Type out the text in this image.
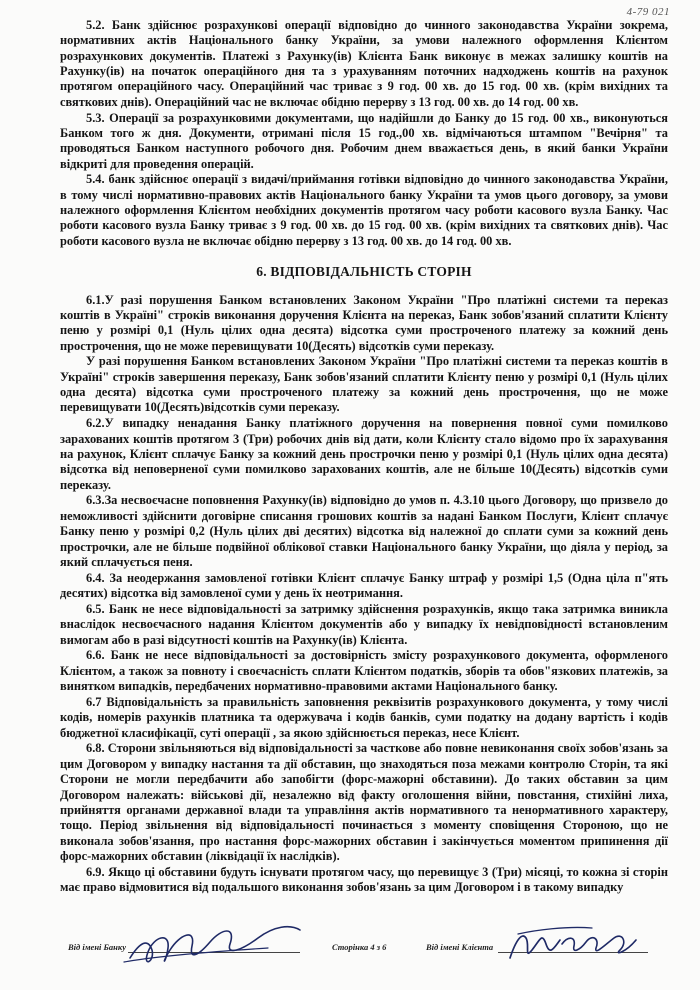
4-79 021

5.2. Банк здійснює розрахункові операції відповідно до чинного законодавства України зокрема, нормативних актів Національного банку України, за умови належного оформлення Клієнтом розрахункових документів. Платежі з Рахунку(ів) Клієнта Банк виконує в межах залишку коштів на Рахунку(ів) на початок операційного дня та з урахуванням поточних надходжень коштів на рахунок протягом операційного часу. Операційний час триває з 9 год. 00 хв. до 15 год. 00 хв. (крім вихідних та святкових днів). Операційний час не включає обідню перерву з 13 год. 00 хв. до 14 год. 00 хв.

5.3. Операції за розрахунковими документами, що надійшли до Банку до 15 год. 00 хв., виконуються Банком того ж дня. Документи, отримані після 15 год.,00 хв. відмічаються штампом "Вечірня" та проводяться Банком наступного робочого дня. Робочим днем вважається день, в який банки України відкриті для проведення операцій.

5.4. банк здійснює операції з видачі/приймання готівки відповідно до чинного законодавства України, в тому числі нормативно-правових актів Національного банку України та умов цього договору, за умови належного оформлення Клієнтом необхідних документів протягом часу роботи касового вузла Банку. Час роботи касового вузла Банку триває з 9 год. 00 хв. до 15 год. 00 хв. (крім вихідних та святкових днів). Час роботи касового вузла не включає обідню перерву з 13 год. 00 хв. до 14 год. 00 хв.

6. ВІДПОВІДАЛЬНІСТЬ СТОРІН

6.1.У разі порушення Банком встановлених Законом України "Про платіжні системи та переказ коштів в Україні" строків виконання доручення Клієнта на переказ, Банк зобов'язаний сплатити Клієнту пеню у розмірі 0,1 (Нуль цілих одна десята) відсотка суми простроченого платежу за кожний день прострочення, що не може перевищувати 10(Десять) відсотків суми переказу.

У разі порушення Банком встановлених Законом України "Про платіжні системи та переказ коштів в Україні" строків завершення переказу, Банк зобов'язаний сплатити Клієнту пеню у розмірі 0,1 (Нуль цілих одна десята) відсотка суми простроченого платежу за кожний день прострочення, що не може перевищувати 10(Десять)відсотків суми переказу.

6.2.У випадку ненадання Банку платіжного доручення на повернення повної суми помилково зарахованих коштів протягом 3 (Три) робочих днів від дати, коли Клієнту стало відомо про їх зарахування на рахунок, Клієнт сплачує Банку за кожний день прострочки пеню у розмірі 0,1 (Нуль цілих одна десята) відсотка від неповерненої суми помилково зарахованих коштів, але не більше 10(Десять) відсотків суми переказу.

6.3.За несвоєчасне поповнення Рахунку(ів) відповідно до умов п. 4.3.10 цього Договору, що призвело до неможливості здійснити договірне списання грошових коштів за надані Банком Послуги, Клієнт сплачує Банку пеню у розмірі 0,2 (Нуль цілих дві десятих) відсотка від належної до сплати суми за кожний день прострочки, але не більше подвійної облікової ставки Національного банку України, що діяла у період, за який сплачується пеня.

6.4. За неодержання замовленої готівки Клієнт сплачує Банку штраф у розмірі 1,5 (Одна ціла п"ять десятих) відсотка від замовленої суми у день їх неотримання.

6.5. Банк не несе відповідальності за затримку здійснення розрахунків, якщо така затримка виникла внаслідок несвоєчасного надання Клієнтом документів або у випадку їх невідповідності встановленим вимогам або в разі відсутності коштів на Рахунку(ів) Клієнта.

6.6. Банк не несе відповідальності за достовірність змісту розрахункового документа, оформленого Клієнтом, а також за повноту і своєчасність сплати Клієнтом податків, зборів та обов"язкових платежів, за винятком випадків, передбачених нормативно-правовими актами Національного банку.

6.7 Відповідальність за правильність заповнення реквізитів розрахункового документа, у тому числі кодів, номерів рахунків платника та одержувача і кодів банків, суми податку на додану вартість і кодів бюджетної класифікації, суті операції , за якою здійснюється переказ, несе Клієнт.

6.8. Сторони звільняються від відповідальності за часткове або повне невиконання своїх зобов'язань за цим Договором у випадку настання та дії обставин, що знаходяться поза межами контролю Сторін, та які Сторони не могли передбачити або запобігти (форс-мажорні обставини). До таких обставин за цим Договором належать: військові дії, незалежно від факту оголошення війни, повстання, стихійні лиха, прийняття органами державної влади та управління актів нормативного та ненормативного характеру, тощо. Період звільнення від відповідальності починається з моменту сповіщення Стороною, що не виконала зобов'язання, про настання форс-мажорних обставин і закінчується моментом припинення дії форс-мажорних обставин (ліквідації їх наслідків).

6.9. Якщо ці обставини будуть існувати протягом часу, що перевищує 3 (Три) місяці, то кожна зі сторін має право відмовитися від подальшого виконання зобов'язань за цим Договором і в такому випадку

Від імені Банку	Сторінка 4 з 6	Від імені Клієнта
